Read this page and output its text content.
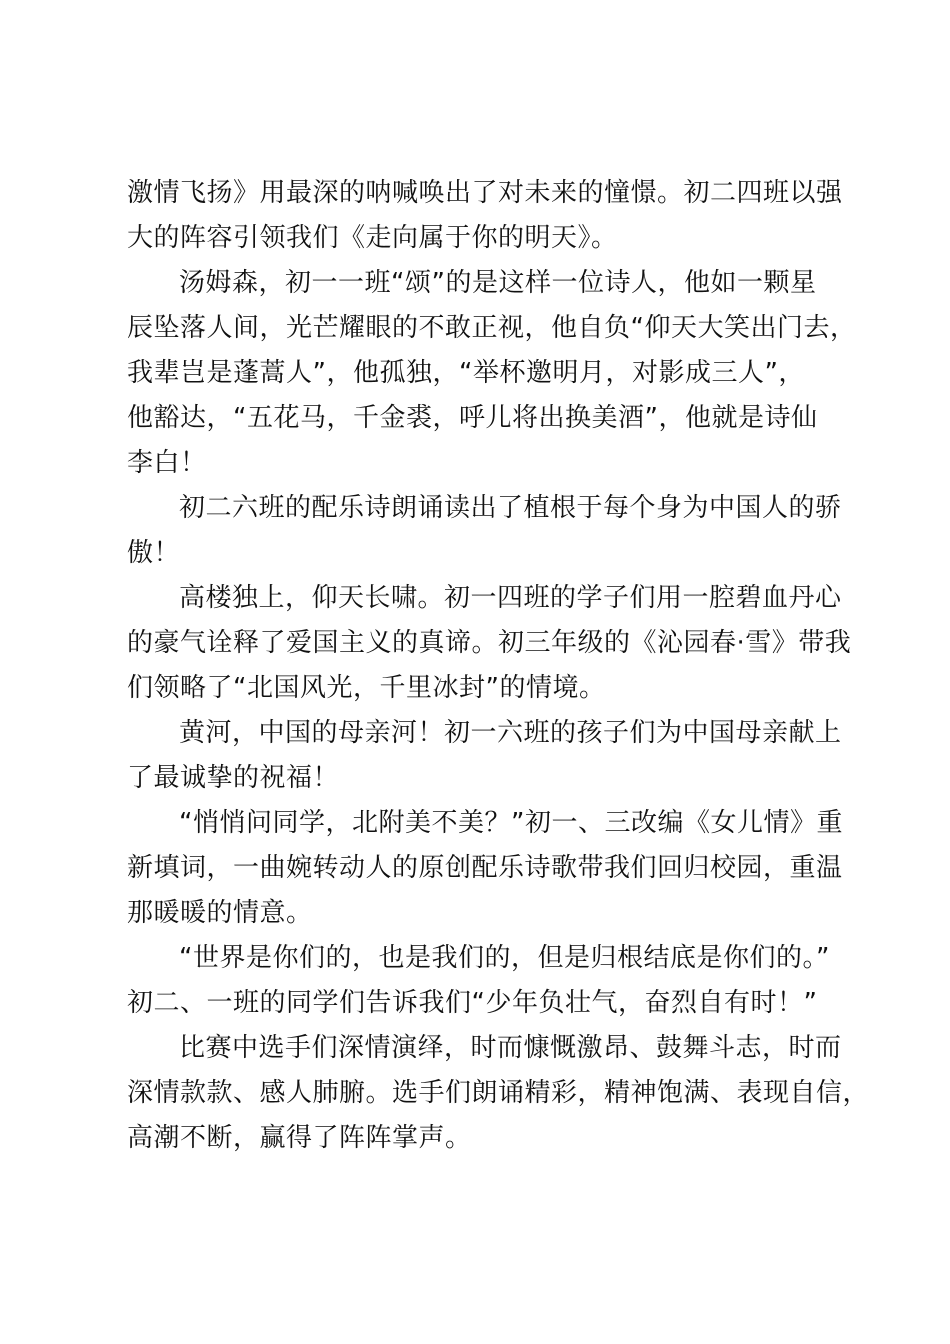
激情飞扬》用最深的呐喊唤出了对未来的憧憬。初二四班以强
大的阵容引领我们《走向属于你的明天》。
汤姆森，初一一班“颂”的是这样一位诗人，他如一颗星
辰坠落人间，光芒耀眼的不敢正视，他自负“仰天大笑出门去，
我辈岂是蓬蒿人”，他孤独，“举杯邀明月，对影成三人”，
他豁达，“五花马，千金裘，呼儿将出换美酒”，他就是诗仙
李白！
初二六班的配乐诗朗诵读出了植根于每个身为中国人的骄
傲！
高楼独上，仰天长啸。初一四班的学子们用一腔碧血丹心
的豪气诠释了爱国主义的真谛。初三年级的《沁园春·雪》带我
们领略了“北国风光，千里冰封”的情境。
黄河，中国的母亲河！初一六班的孩子们为中国母亲献上
了最诚挚的祝福！
“悄悄问同学，北附美不美？”初一、三改编《女儿情》重
新填词，一曲婉转动人的原创配乐诗歌带我们回归校园，重温
那暖暖的情意。
“世界是你们的，也是我们的，但是归根结底是你们的。”
初二、一班的同学们告诉我们“少年负壮气，奋烈自有时！”
比赛中选手们深情演绎，时而慷慨激昂、鼓舞斗志，时而
深情款款、感人肺腑。选手们朗诵精彩，精神饱满、表现自信，
高潮不断，赢得了阵阵掌声。
